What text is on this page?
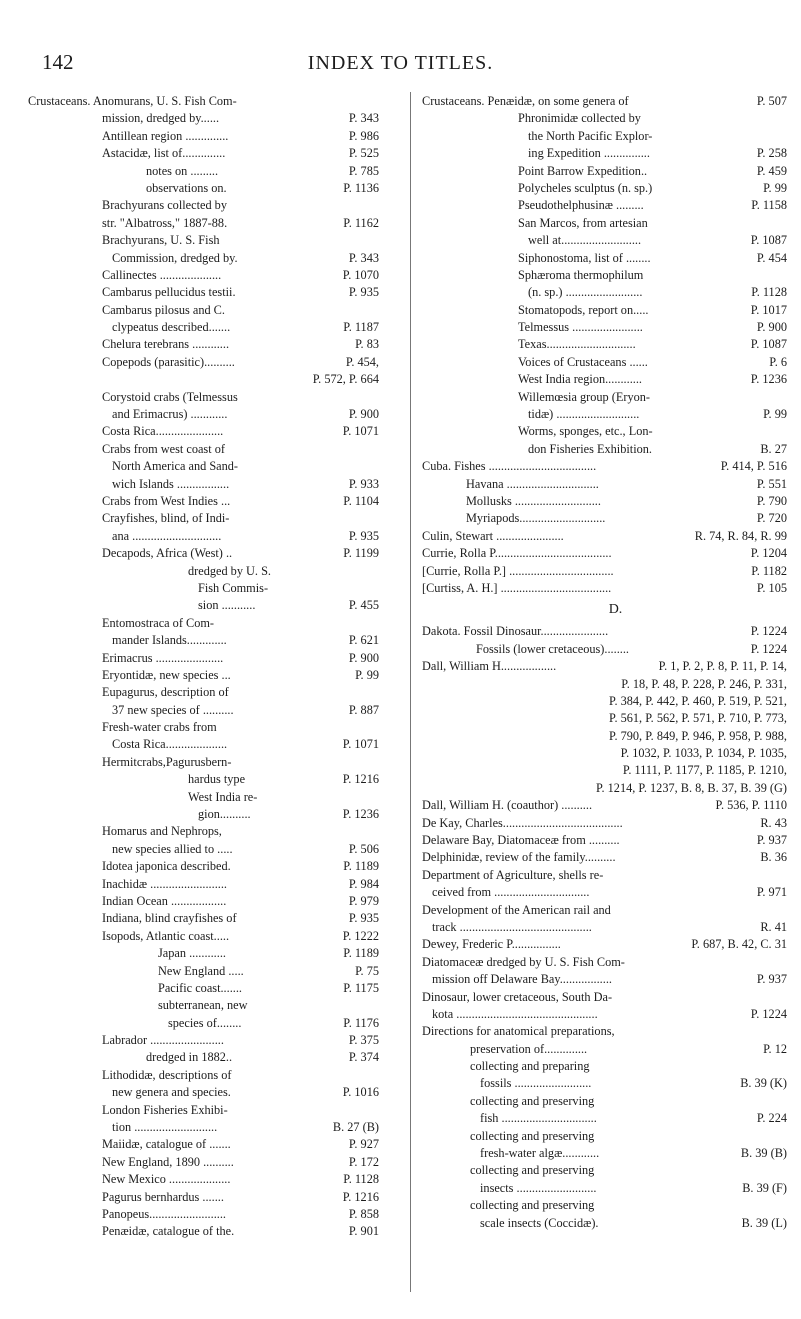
142	INDEX TO TITLES.
Crustaceans. Anomurans, U. S. Fish Com-
mission, dredged by......	P. 343
Antillean region ..............	P. 986
Astacidæ, list of..............	P. 525
notes on .........	P. 785
observations on.	P. 1136
Brachyurans collected by
str. "Albatross," 1887-88.	P. 1162
Brachyurans, U. S. Fish
Commission, dredged by.	P. 343
Callinectes ....................	P. 1070
Cambarus pellucidus testii.	P. 935
Cambarus pilosus and C.
clypeatus described.......	P. 1187
Chelura terebrans ............	P. 83
Copepods (parasitic)..........	P. 454,
P. 572, P. 664
Corystoid crabs (Telmessus
and Erimacrus) ............	P. 900
Costa Rica......................	P. 1071
Crabs from west coast of
North America and Sand-
wich Islands .................	P. 933
Crabs from West Indies ...	P. 1104
Crayfishes, blind, of Indi-
ana .............................	P. 935
Decapods, Africa (West) ..	P. 1199
dredged by U. S.
Fish Commis-
sion ...........	P. 455
Entomostraca of Com-
mander Islands.............	P. 621
Erimacrus ......................	P. 900
Eryontidæ, new species ...	P. 99
Eupagurus, description of
37 new species of ..........	P. 887
Fresh-water crabs from
Costa Rica....................	P. 1071
Hermitcrabs,Pagurusbern-
hardus type	P. 1216
West India re-
gion..........	P. 1236
Homarus and Nephrops,
new species allied to .....	P. 506
Idotea japonica described.	P. 1189
Inachidæ .........................	P. 984
Indian Ocean ..................	P. 979
Indiana, blind crayfishes of	P. 935
Isopods, Atlantic coast.....	P. 1222
Japan ............	P. 1189
New England .....	P. 75
Pacific coast.......	P. 1175
subterranean, new
species of........	P. 1176
Labrador ........................	P. 375
dredged in 1882..	P. 374
Lithodidæ, descriptions of
new genera and species.	P. 1016
London Fisheries Exhibi-
tion ...........................	B. 27 (B)
Maiidæ, catalogue of .......	P. 927
New England, 1890 ..........	P. 172
New Mexico ....................	P. 1128
Pagurus bernhardus .......	P. 1216
Panopeus.........................	P. 858
Penæidæ, catalogue of the.	P. 901
Crustaceans. Penæidæ, on some genera of	P. 507
Phronimidæ collected by
the North Pacific Explor-
ing Expedition ...............	P. 258
Point Barrow Expedition..	P. 459
Polycheles sculptus (n. sp.)	P. 99
Pseudothelphusinæ .........	P. 1158
San Marcos, from artesian
well at..........................	P. 1087
Siphonostoma, list of ........	P. 454
Sphæroma thermophilum
(n. sp.) .........................	P. 1128
Stomatopods, report on.....	P. 1017
Telmessus .......................	P. 900
Texas.............................	P. 1087
Voices of Crustaceans ......	P. 6
West India region............	P. 1236
Willemœsia group (Eryon-
tidæ) ...........................	P. 99
Worms, sponges, etc., Lon-
don Fisheries Exhibition.	B. 27
Cuba. Fishes ...................................	P. 414, P. 516
Havana ..............................	P. 551
Mollusks ............................	P. 790
Myriapods............................	P. 720
Culin, Stewart ......................	R. 74, R. 84, R. 99
Currie, Rolla P......................................	P. 1204
[Currie, Rolla P.] ..................................	P. 1182
[Curtiss, A. H.] ....................................	P. 105
D.
Dakota. Fossil Dinosaur......................	P. 1224
Fossils (lower cretaceous)........	P. 1224
Dall, William H..................	P. 1, P. 2, P. 8, P. 11, P. 14,
P. 18, P. 48, P. 228, P. 246, P. 331,
P. 384, P. 442, P. 460, P. 519, P. 521,
P. 561, P. 562, P. 571, P. 710, P. 773,
P. 790, P. 849, P. 946, P. 958, P. 988,
P. 1032, P. 1033, P. 1034, P. 1035,
P. 1111, P. 1177, P. 1185, P. 1210,
P. 1214, P. 1237, B. 8, B. 37, B. 39 (G)
Dall, William H. (coauthor) ..........	P. 536, P. 1110
De Kay, Charles.......................................	R. 43
Delaware Bay, Diatomaceæ from ..........	P. 937
Delphinidæ, review of the family..........	B. 36
Department of Agriculture, shells re-
ceived from ...............................	P. 971
Development of the American rail and
track ...........................................	R. 41
Dewey, Frederic P................	P. 687, B. 42, C. 31
Diatomaceæ dredged by U. S. Fish Com-
mission off Delaware Bay.................	P. 937
Dinosaur, lower cretaceous, South Da-
kota ..............................................	P. 1224
Directions for anatomical preparations,
preservation of..............	P. 12
collecting and preparing
fossils .........................	B. 39 (K)
collecting and preserving
fish ...............................	P. 224
collecting and preserving
fresh-water algæ............	B. 39 (B)
collecting and preserving
insects ..........................	B. 39 (F)
collecting and preserving
scale insects (Coccidæ).	B. 39 (L)
